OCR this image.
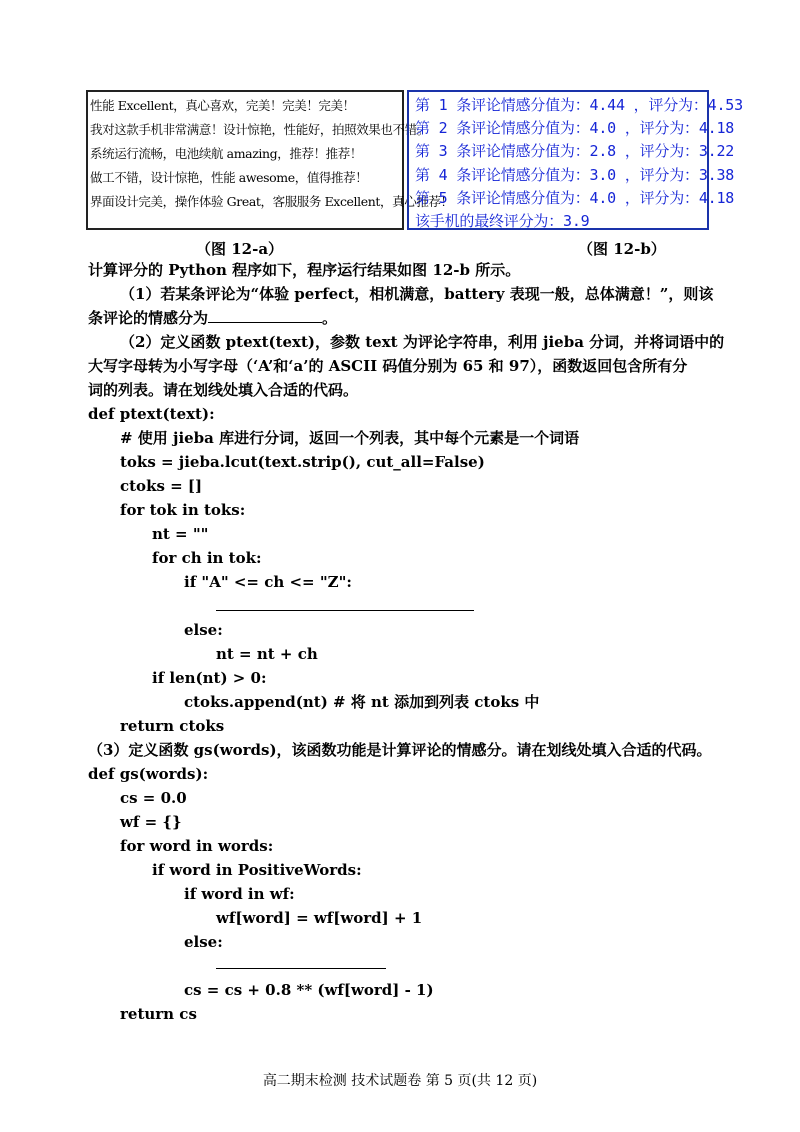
性能 Excellent，真心喜欢，完美！完美！完美！
我对这款手机非常满意！设计惊艳，性能好，拍照效果也不错。
系统运行流畅，电池续航 amazing，推荐！推荐！
做工不错，设计惊艳，性能 awesome，值得推荐！
界面设计完美，操作体验 Great，客服服务 Excellent，真心推荐！
第 1 条评论情感分值为：4.44 ，评分为：4.53
第 2 条评论情感分值为：4.0 ，评分为：4.18
第 3 条评论情感分值为：2.8 ，评分为：3.22
第 4 条评论情感分值为：3.0 ，评分为：3.38
第 5 条评论情感分值为：4.0 ，评分为：4.18
该手机的最终评分为：3.9
（图 12-a）	（图 12-b）
计算评分的 Python 程序如下，程序运行结果如图 12-b 所示。
（1）若某条评论为“体验 perfect，相机满意，battery 表现一般，总体满意！”，则该
条评论的情感分为	。
（2）定义函数 ptext(text)，参数 text 为评论字符串，利用 jieba 分词，并将词语中的
大写字母转为小写字母（‘A’和‘a’的 ASCII 码值分别为 65 和 97），函数返回包含所有分
词的列表。请在划线处填入合适的代码。
def ptext(text):
# 使用 jieba 库进行分词，返回一个列表，其中每个元素是一个词语
toks = jieba.lcut(text.strip(), cut_all=False)
ctoks = []
for tok in toks:
nt = ""
for ch in tok:
if "A" <= ch <= "Z":
else:
nt = nt + ch
if len(nt) > 0:
ctoks.append(nt) # 将 nt 添加到列表 ctoks 中
return ctoks
（3）定义函数 gs(words)，该函数功能是计算评论的情感分。请在划线处填入合适的代码。
def gs(words):
cs = 0.0
wf = {}
for word in words:
if word in PositiveWords:
if word in wf:
wf[word] = wf[word] + 1
else:
cs = cs + 0.8 ** (wf[word] - 1)
return cs
高二期末检测 技术试题卷 第 5 页(共 12 页)
